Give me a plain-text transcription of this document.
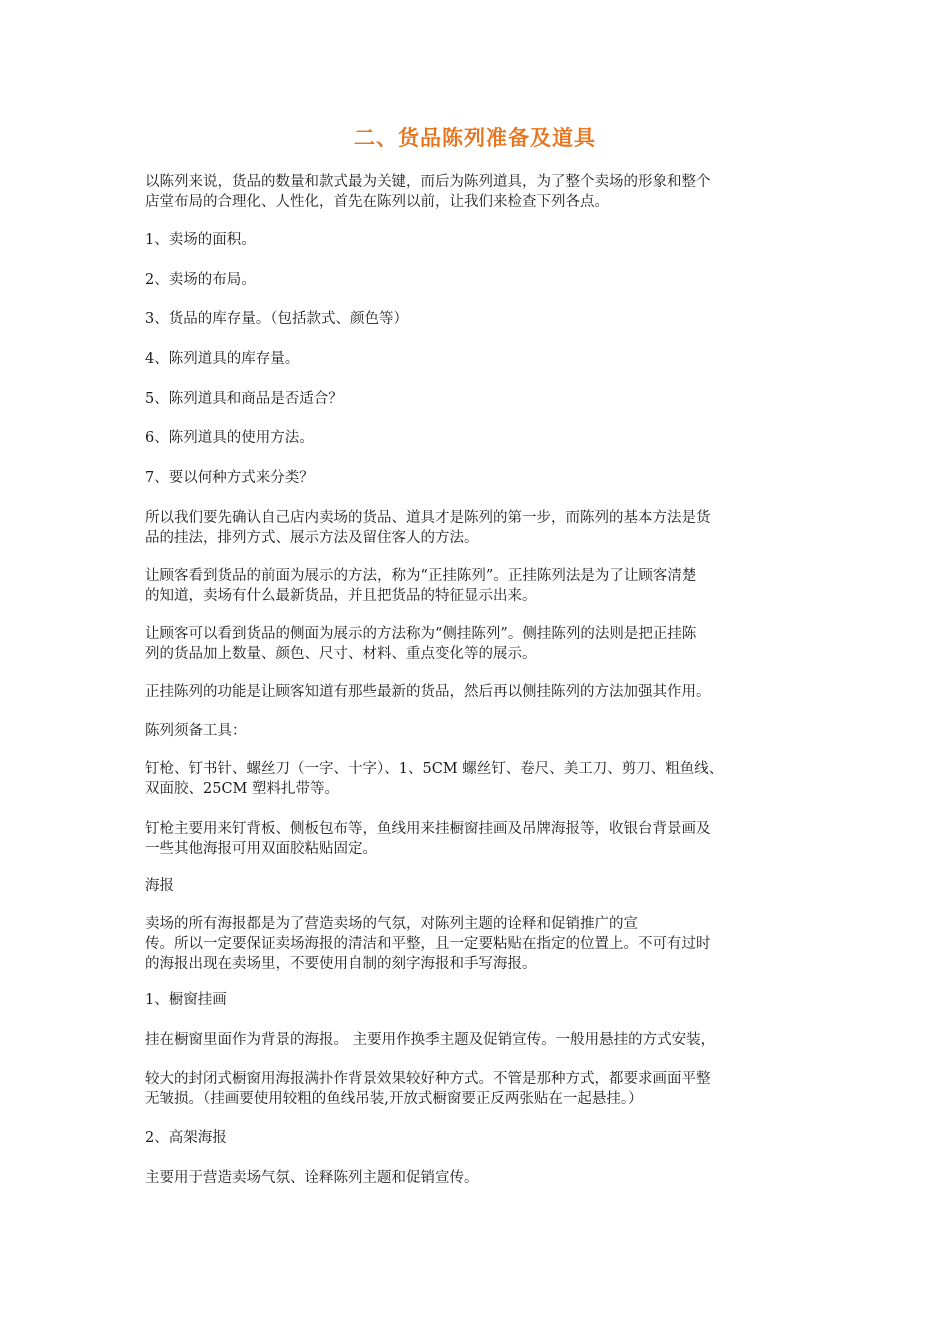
二、货品陈列准备及道具

以陈列来说，货品的数量和款式最为关键，而后为陈列道具，为了整个卖场的形象和整个
店堂布局的合理化、人性化，首先在陈列以前，让我们来检查下列各点。

1、卖场的面积。

2、卖场的布局。

3、货品的库存量。（包括款式、颜色等）

4、陈列道具的库存量。

5、陈列道具和商品是否适合？

6、陈列道具的使用方法。

7、要以何种方式来分类？

所以我们要先确认自己店内卖场的货品、道具才是陈列的第一步，而陈列的基本方法是货
品的挂法，排列方式、展示方法及留住客人的方法。

让顾客看到货品的前面为展示的方法，称为“正挂陈列”。正挂陈列法是为了让顾客清楚
的知道，卖场有什么最新货品，并且把货品的特征显示出来。

让顾客可以看到货品的侧面为展示的方法称为“侧挂陈列”。侧挂陈列的法则是把正挂陈
列的货品加上数量、颜色、尺寸、材料、重点变化等的展示。

正挂陈列的功能是让顾客知道有那些最新的货品，然后再以侧挂陈列的方法加强其作用。

陈列须备工具：

钉枪、钉书针、螺丝刀（一字、十字）、1、5CM 螺丝钉、卷尺、美工刀、剪刀、粗鱼线、
双面胶、25CM 塑料扎带等。

钉枪主要用来钉背板、侧板包布等，鱼线用来挂橱窗挂画及吊牌海报等，收银台背景画及
一些其他海报可用双面胶粘贴固定。

海报

卖场的所有海报都是为了营造卖场的气氛，对陈列主题的诠释和促销推广的宣
传。所以一定要保证卖场海报的清洁和平整，且一定要粘贴在指定的位置上。不可有过时
的海报出现在卖场里，不要使用自制的刻字海报和手写海报。

1、橱窗挂画

挂在橱窗里面作为背景的海报。 主要用作换季主题及促销宣传。一般用悬挂的方式安装，

较大的封闭式橱窗用海报满扑作背景效果较好种方式。不管是那种方式，都要求画面平整
无皱损。（挂画要使用较粗的鱼线吊装,开放式橱窗要正反两张贴在一起悬挂。）

2、高架海报

主要用于营造卖场气氛、诠释陈列主题和促销宣传。
